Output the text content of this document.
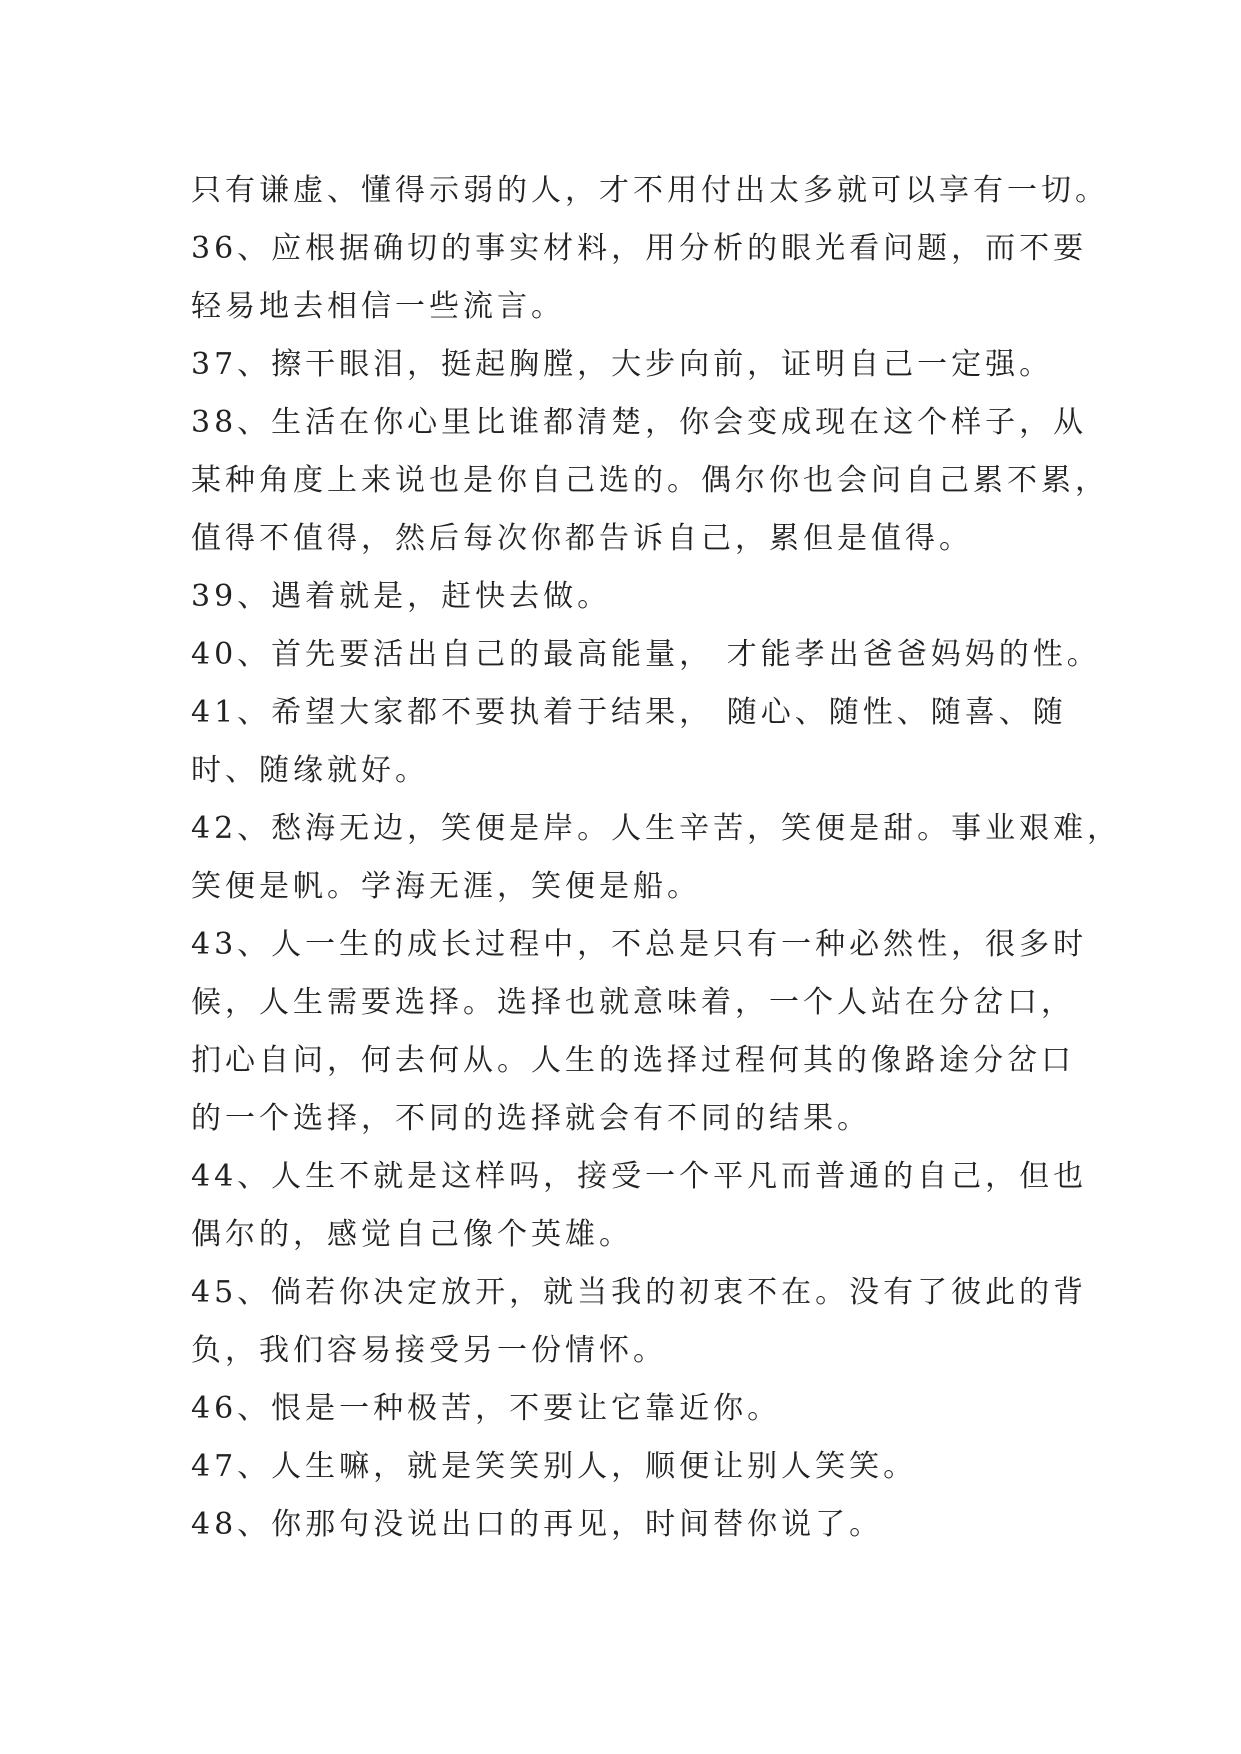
只有谦虚、懂得示弱的人，才不用付出太多就可以享有一切。
36、应根据确切的事实材料，用分析的眼光看问题，而不要
轻易地去相信一些流言。
37、擦干眼泪，挺起胸膛，大步向前，证明自己一定强。
38、生活在你心里比谁都清楚，你会变成现在这个样子，从
某种角度上来说也是你自己选的。偶尔你也会问自己累不累，
值得不值得，然后每次你都告诉自己，累但是值得。
39、遇着就是，赶快去做。
40、首先要活出自己的最高能量， 才能孝出爸爸妈妈的性。
41、希望大家都不要执着于结果， 随心、随性、随喜、随
时、随缘就好。
42、愁海无边，笑便是岸。人生辛苦，笑便是甜。事业艰难，
笑便是帆。学海无涯，笑便是船。
43、人一生的成长过程中，不总是只有一种必然性，很多时
候，人生需要选择。选择也就意味着，一个人站在分岔口，
扪心自问，何去何从。人生的选择过程何其的像路途分岔口
的一个选择，不同的选择就会有不同的结果。
44、人生不就是这样吗，接受一个平凡而普通的自己，但也
偶尔的，感觉自己像个英雄。
45、倘若你决定放开，就当我的初衷不在。没有了彼此的背
负，我们容易接受另一份情怀。
46、恨是一种极苦，不要让它靠近你。
47、人生嘛，就是笑笑别人，顺便让别人笑笑。
48、你那句没说出口的再见，时间替你说了。
